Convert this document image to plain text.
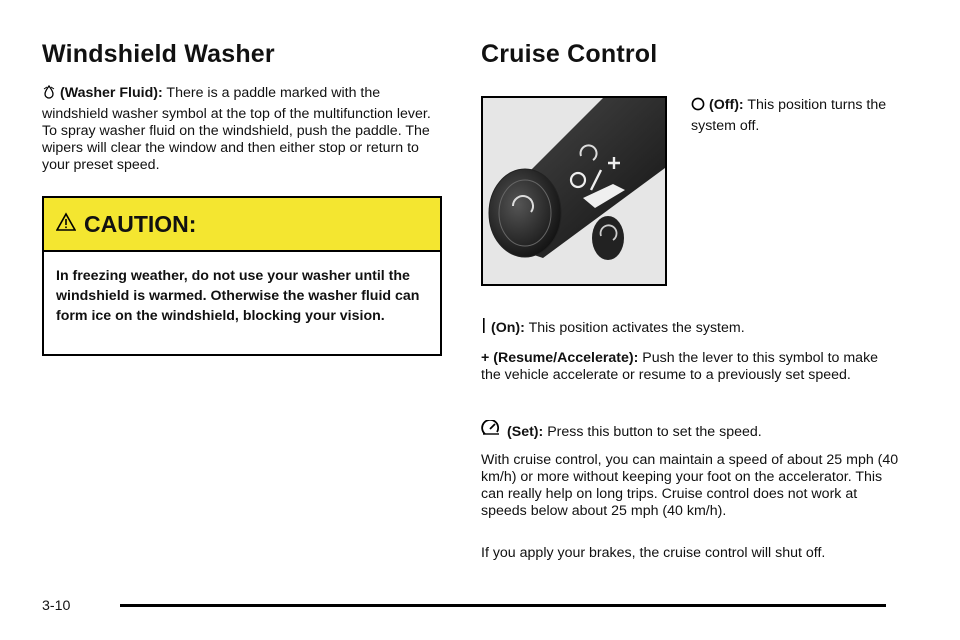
Windshield Washer

(Washer Fluid): There is a paddle marked with the
windshield washer symbol at the top of the multifunction lever. To spray washer fluid on the windshield, push the paddle. The wipers will clear the window and then either stop or return to your preset speed.

CAUTION:
In freezing weather, do not use your washer until the windshield is warmed. Otherwise the washer fluid can form ice on the windshield, blocking your vision.
Cruise Control
(Off): This position turns the system off.

(On): This position activates the system.

+ (Resume/Accelerate): Push the lever to this symbol to make the vehicle accelerate or resume to a previously set speed.

(Set): Press this button to set the speed.

With cruise control, you can maintain a speed of about 25 mph (40 km/h) or more without keeping your foot on the accelerator. This can really help on long trips. Cruise control does not work at speeds below about 25 mph (40 km/h).

If you apply your brakes, the cruise control will shut off.

3-10
